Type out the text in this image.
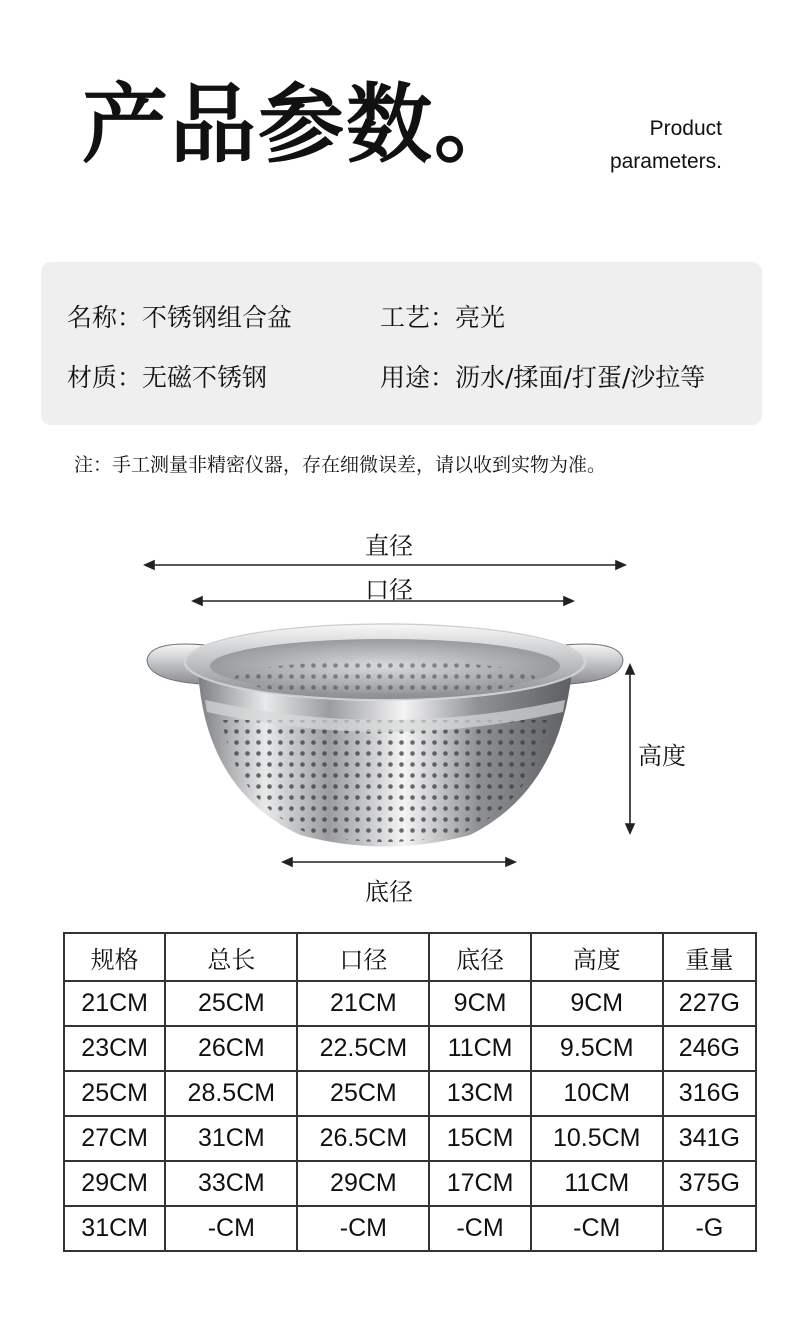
产品参数。	Product
parameters.
名称：不锈钢组合盆	工艺：亮光
材质：无磁不锈钢	用途：沥水/揉面/打蛋/沙拉等
注：手工测量非精密仪器，存在细微误差，请以收到实物为准。
直径
口径
高度
底径
规格	总长	口径	底径	高度	重量
21CM	25CM	21CM	9CM	9CM	227G
23CM	26CM	22.5CM	11CM	9.5CM	246G
25CM	28.5CM	25CM	13CM	10CM	316G
27CM	31CM	26.5CM	15CM	10.5CM	341G
29CM	33CM	29CM	17CM	11CM	375G
31CM	-CM	-CM	-CM	-CM	-G
